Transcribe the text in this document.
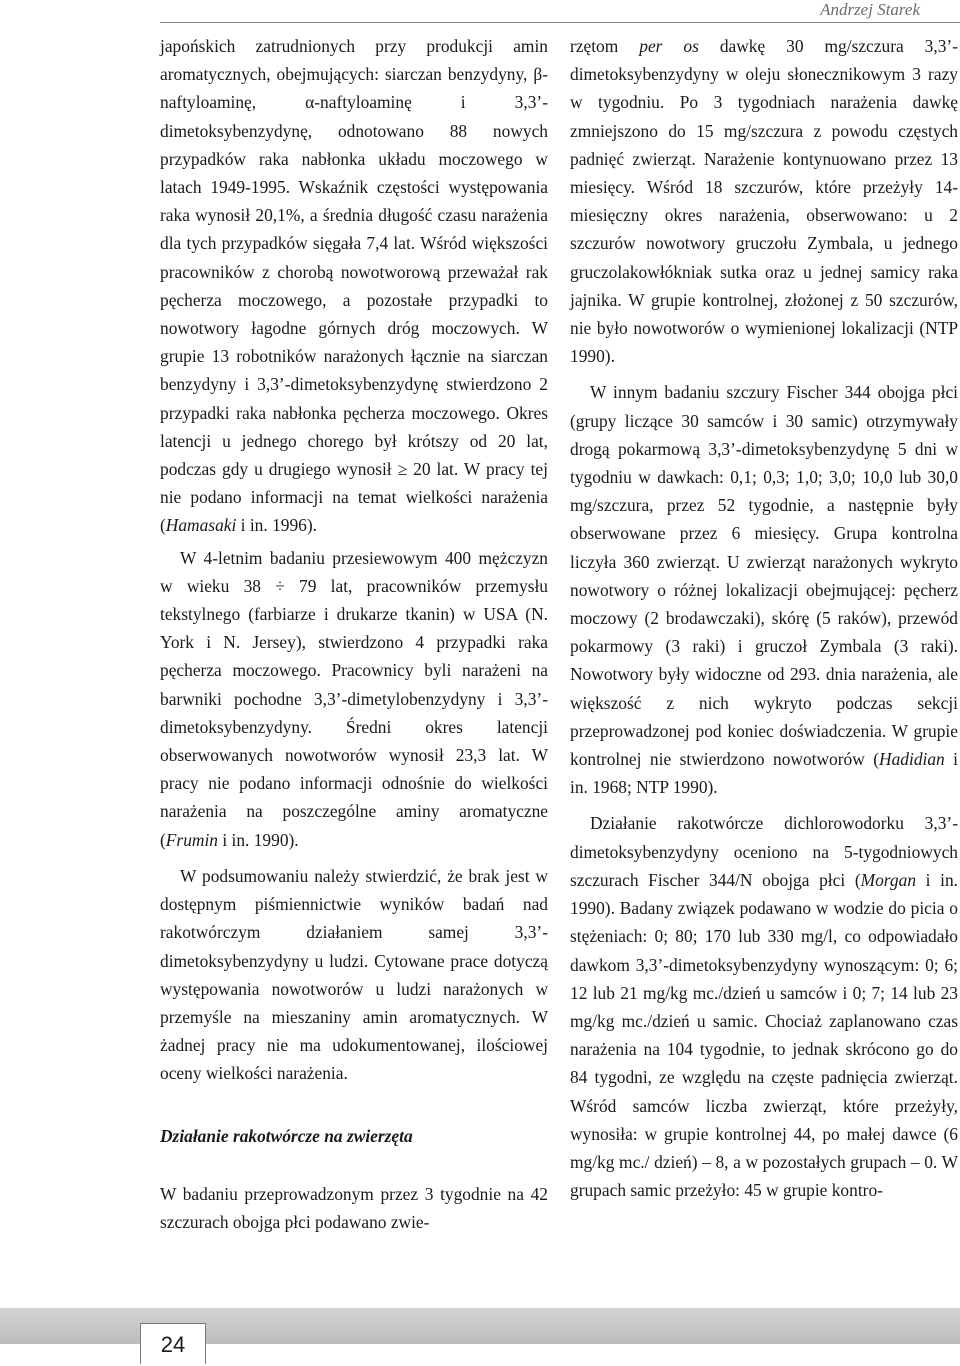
Andrzej Starek

japońskich zatrudnionych przy produkcji amin aromatycznych, obejmujących: siarczan benzydyny, β-naftyloaminę, α-naftyloaminę i 3,3’-dimetoksybenzydynę, odnotowano 88 nowych przypadków raka nabłonka układu moczowego w latach 1949-1995. Wskaźnik częstości występowania raka wynosił 20,1%, a średnia długość czasu narażenia dla tych przypadków sięgała 7,4 lat. Wśród większości pracowników z chorobą nowotworową przeważał rak pęcherza moczowego, a pozostałe przypadki to nowotwory łagodne górnych dróg moczowych. W grupie 13 robotników narażonych łącznie na siarczan benzydyny i 3,3’-dimetoksybenzydynę stwierdzono 2 przypadki raka nabłonka pęcherza moczowego. Okres latencji u jednego chorego był krótszy od 20 lat, podczas gdy u drugiego wynosił ≥ 20 lat. W pracy tej nie podano informacji na temat wielkości narażenia (Hamasaki i in. 1996).

W 4-letnim badaniu przesiewowym 400 mężczyzn w wieku 38 ÷ 79 lat, pracowników przemysłu tekstylnego (farbiarze i drukarze tkanin) w USA (N. York i N. Jersey), stwierdzono 4 przypadki raka pęcherza moczowego. Pracownicy byli narażeni na barwniki pochodne 3,3’-dimetylobenzydyny i 3,3’-dimetoksybenzydyny. Średni okres latencji obserwowanych nowotworów wynosił 23,3 lat. W pracy nie podano informacji odnośnie do wielkości narażenia na poszczególne aminy aromatyczne (Frumin i in. 1990).

W podsumowaniu należy stwierdzić, że brak jest w dostępnym piśmiennictwie wyników badań nad rakotwórczym działaniem samej 3,3’-dimetoksybenzydyny u ludzi. Cytowane prace dotyczą występowania nowotworów u ludzi narażonych w przemyśle na mieszaniny amin aromatycznych. W żadnej pracy nie ma udokumentowanej, ilościowej oceny wielkości narażenia.

Działanie rakotwórcze na zwierzęta

W badaniu przeprowadzonym przez 3 tygodnie na 42 szczurach obojga płci podawano zwie-

rzętom per os dawkę 30 mg/szczura 3,3’-dimetoksybenzydyny w oleju słonecznikowym 3 razy w tygodniu. Po 3 tygodniach narażenia dawkę zmniejszono do 15 mg/szczura z powodu częstych padnięć zwierząt. Narażenie kontynuowano przez 13 miesięcy. Wśród 18 szczurów, które przeżyły 14-miesięczny okres narażenia, obserwowano: u 2 szczurów nowotwory gruczołu Zymbala, u jednego gruczolakowłókniak sutka oraz u jednej samicy raka jajnika. W grupie kontrolnej, złożonej z 50 szczurów, nie było nowotworów o wymienionej lokalizacji (NTP 1990).

W innym badaniu szczury Fischer 344 obojga płci (grupy liczące 30 samców i 30 samic) otrzymywały drogą pokarmową 3,3’-dimetoksybenzydynę 5 dni w tygodniu w dawkach: 0,1; 0,3; 1,0; 3,0; 10,0 lub 30,0 mg/szczura, przez 52 tygodnie, a następnie były obserwowane przez 6 miesięcy. Grupa kontrolna liczyła 360 zwierząt. U zwierząt narażonych wykryto nowotwory o różnej lokalizacji obejmującej: pęcherz moczowy (2 brodawczaki), skórę (5 raków), przewód pokarmowy (3 raki) i gruczoł Zymbala (3 raki). Nowotwory były widoczne od 293. dnia narażenia, ale większość z nich wykryto podczas sekcji przeprowadzonej pod koniec doświadczenia. W grupie kontrolnej nie stwierdzono nowotworów (Hadidian i in. 1968; NTP 1990).

Działanie rakotwórcze dichlorowodorku 3,3’-dimetoksybenzydyny oceniono na 5-tygodniowych szczurach Fischer 344/N obojga płci (Morgan i in. 1990). Badany związek podawano w wodzie do picia o stężeniach: 0; 80; 170 lub 330 mg/l, co odpowiadało dawkom 3,3’-dimetoksybenzydyny wynoszącym: 0; 6; 12 lub 21 mg/kg mc./dzień u samców i 0; 7; 14 lub 23 mg/kg mc./dzień u samic. Chociaż zaplanowano czas narażenia na 104 tygodnie, to jednak skrócono go do 84 tygodni, ze względu na częste padnięcia zwierząt. Wśród samców liczba zwierząt, które przeżyły, wynosiła: w grupie kontrolnej 44, po małej dawce (6 mg/kg mc./ dzień) – 8, a w pozostałych grupach – 0. W grupach samic przeżyło: 45 w grupie kontro-

24
